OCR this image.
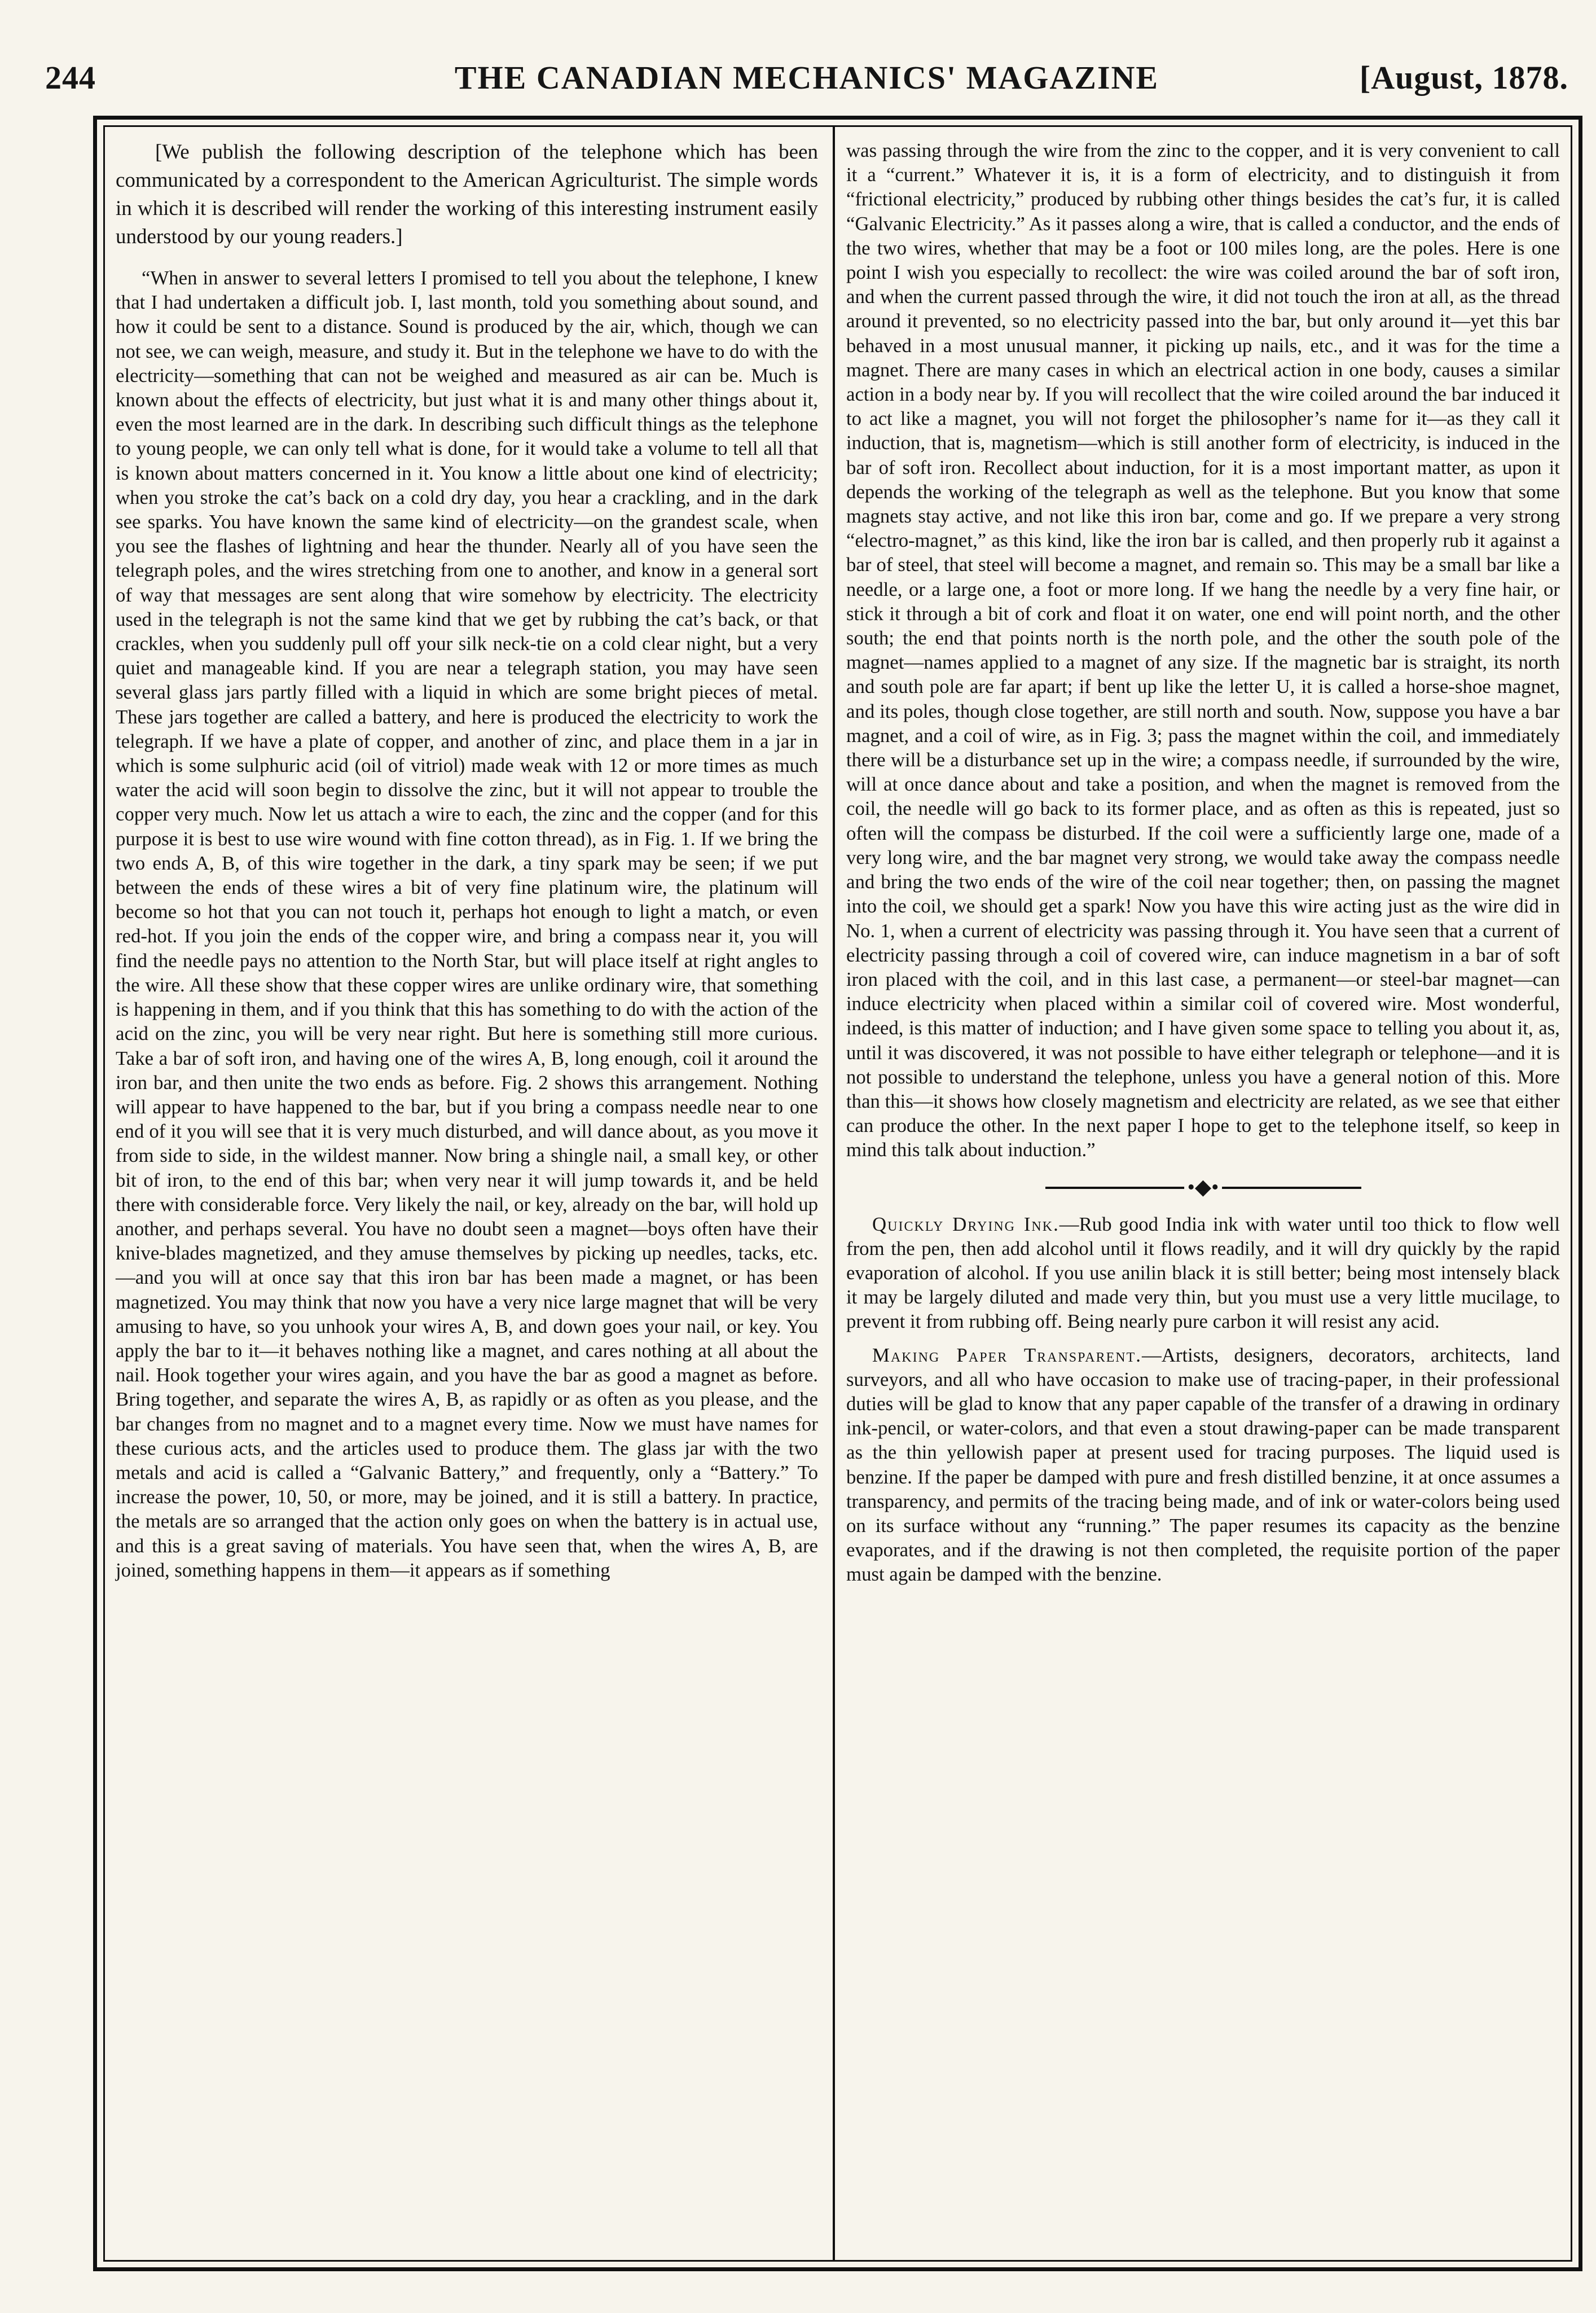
244	THE CANADIAN MECHANICS' MAGAZINE	[August, 1878.

[We publish the following description of the telephone which has been communicated by a correspondent to the American Agriculturist. The simple words in which it is described will render the working of this interesting instrument easily understood by our young readers.]

“When in answer to several letters I promised to tell you about the telephone, I knew that I had undertaken a difficult job. I, last month, told you something about sound, and how it could be sent to a distance. Sound is produced by the air, which, though we can not see, we can weigh, measure, and study it. But in the telephone we have to do with the electricity—something that can not be weighed and measured as air can be. Much is known about the effects of electricity, but just what it is and many other things about it, even the most learned are in the dark. In describing such difficult things as the telephone to young people, we can only tell what is done, for it would take a volume to tell all that is known about matters concerned in it. You know a little about one kind of electricity; when you stroke the cat’s back on a cold dry day, you hear a crackling, and in the dark see sparks. You have known the same kind of electricity—on the grandest scale, when you see the flashes of lightning and hear the thunder. Nearly all of you have seen the telegraph poles, and the wires stretching from one to another, and know in a general sort of way that messages are sent along that wire somehow by electricity. The electricity used in the telegraph is not the same kind that we get by rubbing the cat’s back, or that crackles, when you suddenly pull off your silk neck-tie on a cold clear night, but a very quiet and manageable kind. If you are near a telegraph station, you may have seen several glass jars partly filled with a liquid in which are some bright pieces of metal. These jars together are called a battery, and here is produced the electricity to work the telegraph. If we have a plate of copper, and another of zinc, and place them in a jar in which is some sulphuric acid (oil of vitriol) made weak with 12 or more times as much water the acid will soon begin to dissolve the zinc, but it will not appear to trouble the copper very much. Now let us attach a wire to each, the zinc and the copper (and for this purpose it is best to use wire wound with fine cotton thread), as in Fig. 1. If we bring the two ends A, B, of this wire together in the dark, a tiny spark may be seen; if we put between the ends of these wires a bit of very fine platinum wire, the platinum will become so hot that you can not touch it, perhaps hot enough to light a match, or even red-hot. If you join the ends of the copper wire, and bring a compass near it, you will find the needle pays no attention to the North Star, but will place itself at right angles to the wire. All these show that these copper wires are unlike ordinary wire, that something is happening in them, and if you think that this has something to do with the action of the acid on the zinc, you will be very near right. But here is something still more curious. Take a bar of soft iron, and having one of the wires A, B, long enough, coil it around the iron bar, and then unite the two ends as before. Fig. 2 shows this arrangement. Nothing will appear to have happened to the bar, but if you bring a compass needle near to one end of it you will see that it is very much disturbed, and will dance about, as you move it from side to side, in the wildest manner. Now bring a shingle nail, a small key, or other bit of iron, to the end of this bar; when very near it will jump towards it, and be held there with considerable force. Very likely the nail, or key, already on the bar, will hold up another, and perhaps several. You have no doubt seen a magnet—boys often have their knive-blades magnetized, and they amuse themselves by picking up needles, tacks, etc.—and you will at once say that this iron bar has been made a magnet, or has been magnetized. You may think that now you have a very nice large magnet that will be very amusing to have, so you unhook your wires A, B, and down goes your nail, or key. You apply the bar to it—it behaves nothing like a magnet, and cares nothing at all about the nail. Hook together your wires again, and you have the bar as good a magnet as before. Bring together, and separate the wires A, B, as rapidly or as often as you please, and the bar changes from no magnet and to a magnet every time. Now we must have names for these curious acts, and the articles used to produce them. The glass jar with the two metals and acid is called a “Galvanic Battery,” and frequently, only a “Battery.” To increase the power, 10, 50, or more, may be joined, and it is still a battery. In practice, the metals are so arranged that the action only goes on when the battery is in actual use, and this is a great saving of materials. You have seen that, when the wires A, B, are joined, something happens in them—it appears as if something

was passing through the wire from the zinc to the copper, and it is very convenient to call it a “current.” Whatever it is, it is a form of electricity, and to distinguish it from “frictional electricity,” produced by rubbing other things besides the cat’s fur, it is called “Galvanic Electricity.” As it passes along a wire, that is called a conductor, and the ends of the two wires, whether that may be a foot or 100 miles long, are the poles. Here is one point I wish you especially to recollect: the wire was coiled around the bar of soft iron, and when the current passed through the wire, it did not touch the iron at all, as the thread around it prevented, so no electricity passed into the bar, but only around it—yet this bar behaved in a most unusual manner, it picking up nails, etc., and it was for the time a magnet. There are many cases in which an electrical action in one body, causes a similar action in a body near by. If you will recollect that the wire coiled around the bar induced it to act like a magnet, you will not forget the philosopher’s name for it—as they call it induction, that is, magnetism—which is still another form of electricity, is induced in the bar of soft iron. Recollect about induction, for it is a most important matter, as upon it depends the working of the telegraph as well as the telephone. But you know that some magnets stay active, and not like this iron bar, come and go. If we prepare a very strong “electro-magnet,” as this kind, like the iron bar is called, and then properly rub it against a bar of steel, that steel will become a magnet, and remain so. This may be a small bar like a needle, or a large one, a foot or more long. If we hang the needle by a very fine hair, or stick it through a bit of cork and float it on water, one end will point north, and the other south; the end that points north is the north pole, and the other the south pole of the magnet—names applied to a magnet of any size. If the magnetic bar is straight, its north and south pole are far apart; if bent up like the letter U, it is called a horse-shoe magnet, and its poles, though close together, are still north and south. Now, suppose you have a bar magnet, and a coil of wire, as in Fig. 3; pass the magnet within the coil, and immediately there will be a disturbance set up in the wire; a compass needle, if surrounded by the wire, will at once dance about and take a position, and when the magnet is removed from the coil, the needle will go back to its former place, and as often as this is repeated, just so often will the compass be disturbed. If the coil were a sufficiently large one, made of a very long wire, and the bar magnet very strong, we would take away the compass needle and bring the two ends of the wire of the coil near together; then, on passing the magnet into the coil, we should get a spark! Now you have this wire acting just as the wire did in No. 1, when a current of electricity was passing through it. You have seen that a current of electricity passing through a coil of covered wire, can induce magnetism in a bar of soft iron placed with the coil, and in this last case, a permanent—or steel-bar magnet—can induce electricity when placed within a similar coil of covered wire. Most wonderful, indeed, is this matter of induction; and I have given some space to telling you about it, as, until it was discovered, it was not possible to have either telegraph or telephone—and it is not possible to understand the telephone, unless you have a general notion of this. More than this—it shows how closely magnetism and electricity are related, as we see that either can produce the other. In the next paper I hope to get to the telephone itself, so keep in mind this talk about induction.”

•◆•

Quickly Drying Ink.—Rub good India ink with water until too thick to flow well from the pen, then add alcohol until it flows readily, and it will dry quickly by the rapid evaporation of alcohol. If you use anilin black it is still better; being most intensely black it may be largely diluted and made very thin, but you must use a very little mucilage, to prevent it from rubbing off. Being nearly pure carbon it will resist any acid.

Making Paper Transparent.—Artists, designers, decorators, architects, land surveyors, and all who have occasion to make use of tracing-paper, in their professional duties will be glad to know that any paper capable of the transfer of a drawing in ordinary ink-pencil, or water-colors, and that even a stout drawing-paper can be made transparent as the thin yellowish paper at present used for tracing purposes. The liquid used is benzine. If the paper be damped with pure and fresh distilled benzine, it at once assumes a transparency, and permits of the tracing being made, and of ink or water-colors being used on its surface without any “running.” The paper resumes its capacity as the benzine evaporates, and if the drawing is not then completed, the requisite portion of the paper must again be damped with the benzine.
